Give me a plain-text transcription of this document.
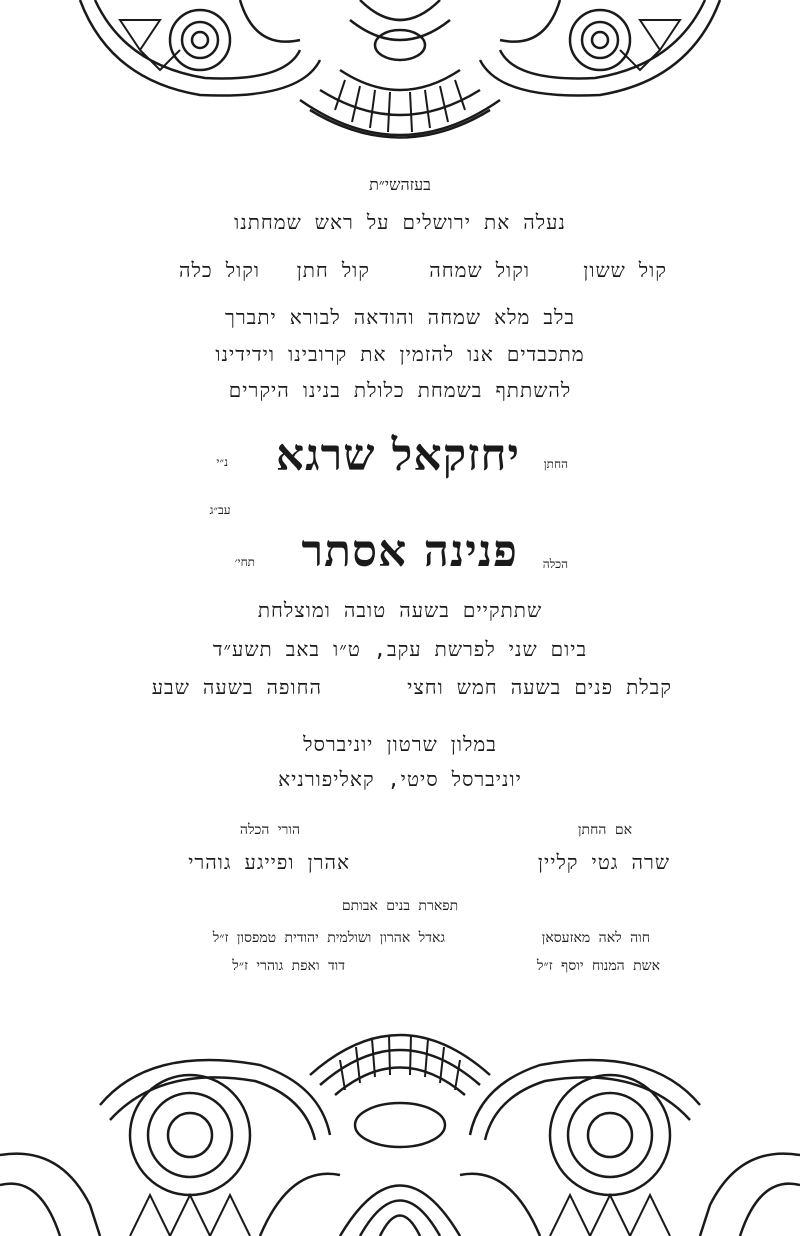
בעזהשי״ת
נעלה את ירושלים על ראש שמחתנו
קול ששון
וקול שמחה
קול חתן
וקול כלה
בלב מלא שמחה והודאה לבורא יתברך
מתכבדים אנו להזמין את קרובינו וידידינו
להשתתף בשמחת כלולת בנינו היקרים
החתן
יחזקאל שרגא
נ״י
עב״ג
הכלה
פנינה אסתר
תחי׳
שתתקיים בשעה טובה ומוצלחת
ביום שני לפרשת עקב, ט״ו באב תשע״ד
קבלת פנים בשעה חמש וחצי
החופה בשעה שבע
במלון שרטון יוניברסל
יוניברסל סיטי, קאליפורניא
אם החתן
הורי הכלה
שרה גטי קליין
אהרן ופייגע גוהרי
תפארת בנים אבותם
חוה לאה מאזעסאן
גאדל אהרון ושולמית יהודית טמפסון ז״ל
אשת המנוח יוסף ז״ל
דוד ואפת גוהרי ז״ל
